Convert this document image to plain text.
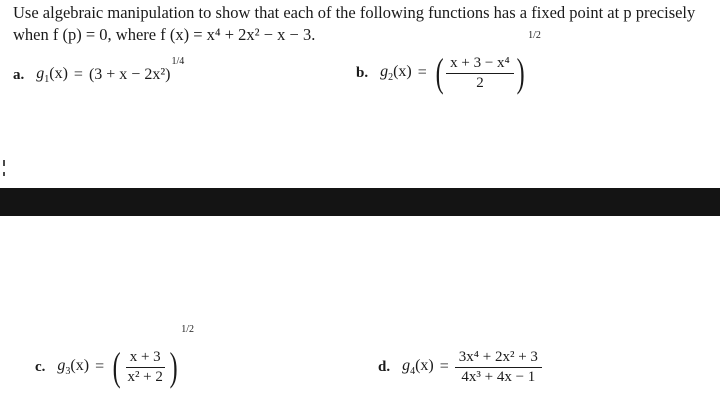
Use algebraic manipulation to show that each of the following functions has a fixed point at p precisely
when f (p) = 0, where f (x) = x⁴ + 2x² − x − 3.
a. $g_1(x) = (3 + x - 2x^2)$
1/4
b. $g_2(x)$ = ( $\frac{\text{x + 3 − x⁴}}{2}$ )
1/2
c. $g_3(x)$ = ( $\frac{x + 3}{\text{x² + 2}}$ )
1/2
d. $g_4(x) = \frac{\text{3x⁴ + 2x² + 3}}{\text{4x³ + 4x − 1}}$
